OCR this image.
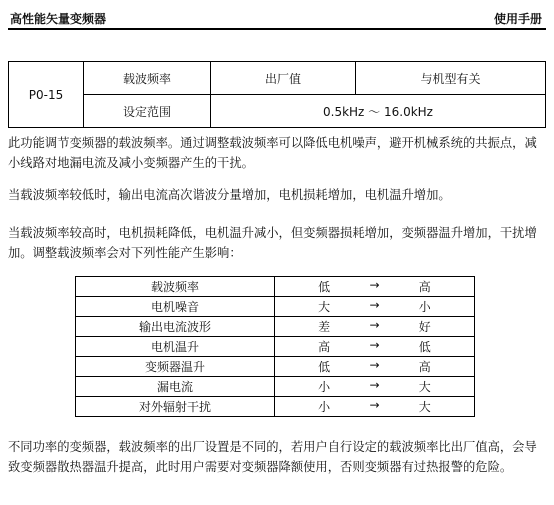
高性能矢量变频器	使用手册
P0-15	载波频率	出厂值	与机型有关
	设定范围	0.5kHz ～ 16.0kHz	

此功能调节变频器的载波频率。通过调整载波频率可以降低电机噪声，避开机械系统的共振点，减小线路对地漏电流及减小变频器产生的干扰。

当载波频率较低时，输出电流高次谐波分量增加，电机损耗增加，电机温升增加。

当载波频率较高时，电机损耗降低，电机温升减小，但变频器损耗增加，变频器温升增加，干扰增加。调整载波频率会对下列性能产生影响：

载波频率	低 → 高

电机噪音	大 → 小

输出电流波形	差 → 好

电机温升	高 → 低

变频器温升	低 → 高

漏电流	小 → 大

对外辐射干扰	小 → 大

不同功率的变频器，载波频率的出厂设置是不同的，若用户自行设定的载波频率比出厂值高，会导致变频器散热器温升提高，此时用户需要对变频器降额使用，否则变频器有过热报警的危险。
